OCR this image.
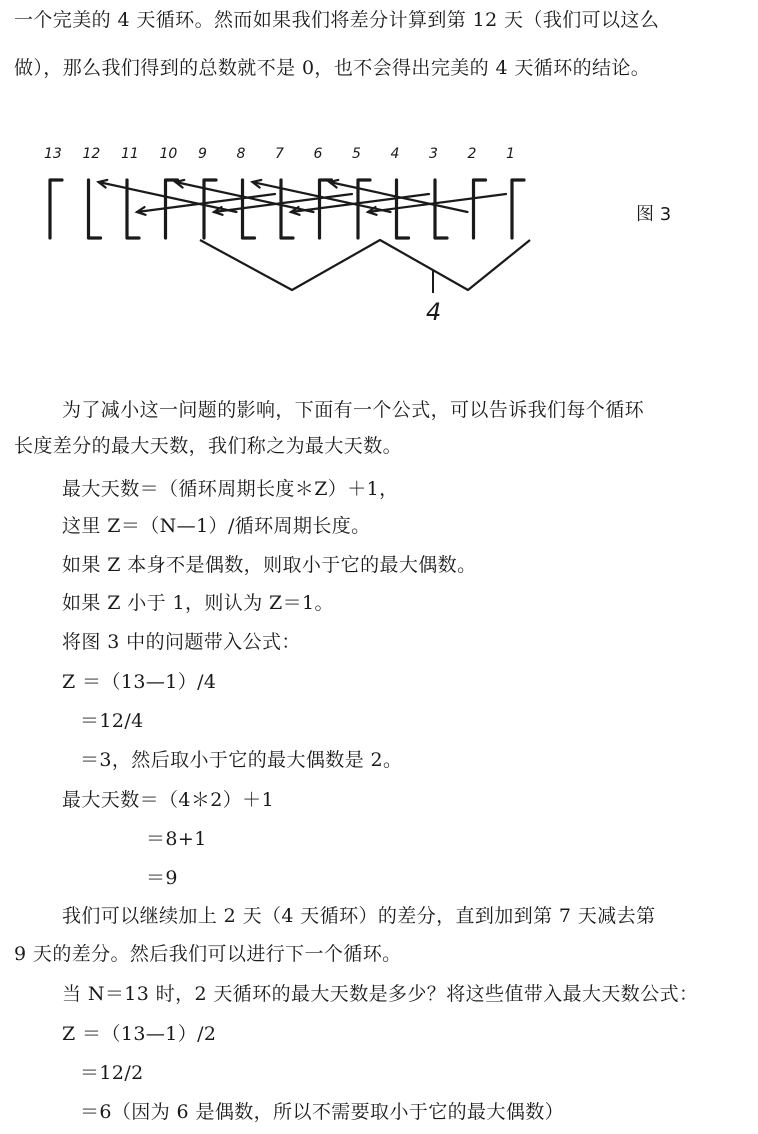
一个完美的 4 天循环。然而如果我们将差分计算到第 12 天（我们可以这么
做），那么我们得到的总数就不是 0，也不会得出完美的 4 天循环的结论。
13 12 11 10 9 8 7 6 5 4 3 2 1
4
图 3
为了减小这一问题的影响，下面有一个公式，可以告诉我们每个循环
长度差分的最大天数，我们称之为最大天数。
最大天数＝（循环周期长度＊Z）＋1，
这里 Z＝（N—1）/循环周期长度。
如果 Z 本身不是偶数，则取小于它的最大偶数。
如果 Z 小于 1，则认为 Z＝1。
将图 3 中的问题带入公式：
Z ＝（13—1）/4
＝12/4
＝3，然后取小于它的最大偶数是 2。
最大天数＝（4＊2）＋1
＝8+1
＝9
我们可以继续加上 2 天（4 天循环）的差分，直到加到第 7 天减去第
9 天的差分。然后我们可以进行下一个循环。
当 N＝13 时，2 天循环的最大天数是多少？将这些值带入最大天数公式：
Z ＝（13—1）/2
＝12/2
＝6（因为 6 是偶数，所以不需要取小于它的最大偶数）
